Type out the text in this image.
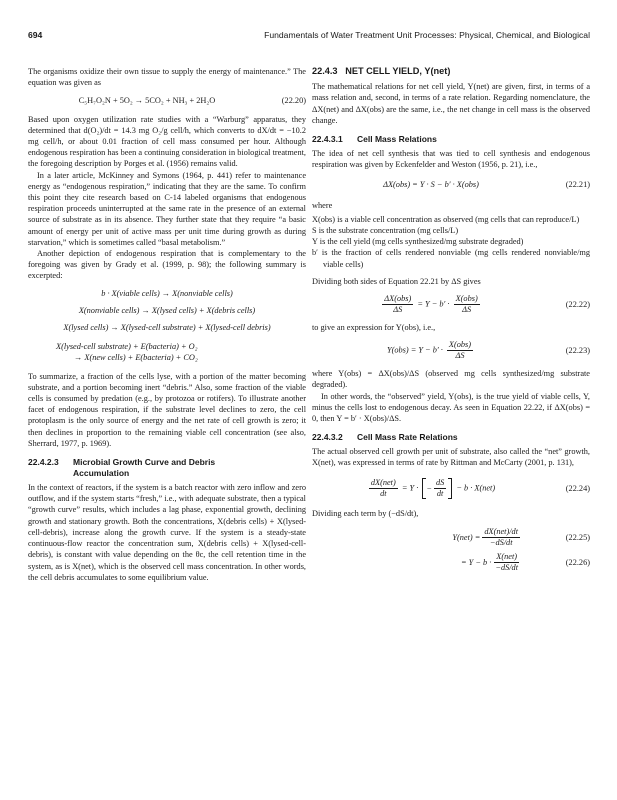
694	Fundamentals of Water Treatment Unit Processes: Physical, Chemical, and Biological

The organisms oxidize their own tissue to supply the energy of maintenance.” The equation was given as

C₅H₇O₂N + 5O₂ → 5CO₂ + NH₃ + 2H₂O	(22.20)

Based upon oxygen utilization rate studies with a “Warburg” apparatus, they determined that d(O₂)/dt = 14.3 mg O₂/g cell/h, which converts to dX/dt = −10.2 mg cell/h, or about 0.01 fraction of cell mass consumed per hour. Although endogenous respiration has been a continuing consideration in biological treatment, the foregoing description by Porges et al. (1956) remains valid.

In a later article, McKinney and Symons (1964, p. 441) refer to maintenance energy as “endogenous respiration,” indicating that they are the same. To confirm this point they cite research based on C-14 labeled organisms that endogenous respiration proceeds uninterrupted at the same rate in the presence of an external source of substrate as in its absence. They further state that they require “a basic amount of energy per unit of active mass per unit time during growth as during starvation,” which is sometimes called “basal metabolism.”

Another depiction of endogenous respiration that is complementary to the foregoing was given by Grady et al. (1999, p. 98); the following summary is excerpted:

b · X(viable cells) → X(nonviable cells)
X(nonviable cells) → X(lysed cells) + X(debris cells)
X(lysed cells) → X(lysed-cell substrate) + X(lysed-cell debris)
X(lysed-cell substrate) + E(bacteria) + O₂
→ X(new cells) + E(bacteria) + CO₂

To summarize, a fraction of the cells lyse, with a portion of the matter becoming substrate, and a portion becoming inert “debris.” Also, some fraction of the viable cells is consumed by predation (e.g., by protozoa or rotifers). To illustrate another facet of endogenous respiration, if the substrate level declines to zero, the cell protoplasm is the only source of energy and the net rate of cell growth is zero; it then declines in proportion to the remaining viable cell concentration (see also, Sherrard, 1977, p. 1969).

22.4.2.3 Microbial Growth Curve and Debris
Accumulation

In the context of reactors, if the system is a batch reactor with zero inflow and zero outflow, and if the system starts “fresh,” i.e., with adequate substrate, then a typical “growth curve” results, which includes a lag phase, exponential growth, declining growth and stationary growth. Both the concentrations, X(debris cells) + X(lysed-cell-debris), increase along the growth curve. If the system is a steady-state continuous-flow reactor the concentration sum, X(debris cells) + X(lysed-cell-debris), is constant with value depending on the θc, the cell retention time in the system, as is X(net), which is the observed cell mass concentration. In other words, the cell debris accumulates to some equilibrium value.

22.4.3 NET CELL YIELD, Y(net)

The mathematical relations for net cell yield, Y(net) are given, first, in terms of a mass relation and, second, in terms of a rate relation. Regarding nomenclature, the ΔX(net) and ΔX(obs) are the same, i.e., the net change in cell mass is the observed change.

22.4.3.1 Cell Mass Relations

The idea of net cell synthesis that was tied to cell synthesis and endogenous respiration was given by Eckenfelder and Weston (1956, p. 21), i.e.,

ΔX(obs) = Y · S − b′ · X(obs)	(22.21)

where

X(obs) is a viable cell concentration as observed (mg cells that can reproduce/L)
S is the substrate concentration (mg cells/L)
Y is the cell yield (mg cells synthesized/mg substrate degraded)
b′ is the fraction of cells rendered nonviable (mg cells rendered nonviable/mg viable cells)

Dividing both sides of Equation 22.21 by ΔS gives

$\frac{\text{ΔX(obs)}}{\Delta S} = Y - b' \cdot \frac{\text{X(obs)}}{\Delta S}$	(22.22)

to give an expression for Y(obs), i.e.,

$Y(obs) = Y - b' \cdot \frac{\text{X(obs)}}{\Delta S}$	(22.23)

where Y(obs) = ΔX(obs)/ΔS (observed mg cells synthesized/mg substrate degraded).

In other words, the “observed” yield, Y(obs), is the true yield of viable cells, Y, minus the cells lost to endogenous decay. As seen in Equation 22.22, if ΔX(obs) = 0, then Y = b′ · X(obs)/ΔS.

22.4.3.2 Cell Mass Rate Relations

The actual observed cell growth per unit of substrate, also called the “net” growth, X(net), was expressed in terms of rate by Rittman and McCarty (2001, p. 131),

$\frac{\text{dX(net)}}{dt} = Y$ · − $\frac{dS}{dt} - b \cdot X(net)$	(22.24)

Dividing each term by (−dS/dt),

$Y(net) = \frac{\text{dX(net)/dt}}{-dS/dt}$	(22.25)
= $Y - b \cdot \frac{\text{X(net)}}{-dS/dt}$	(22.26)
